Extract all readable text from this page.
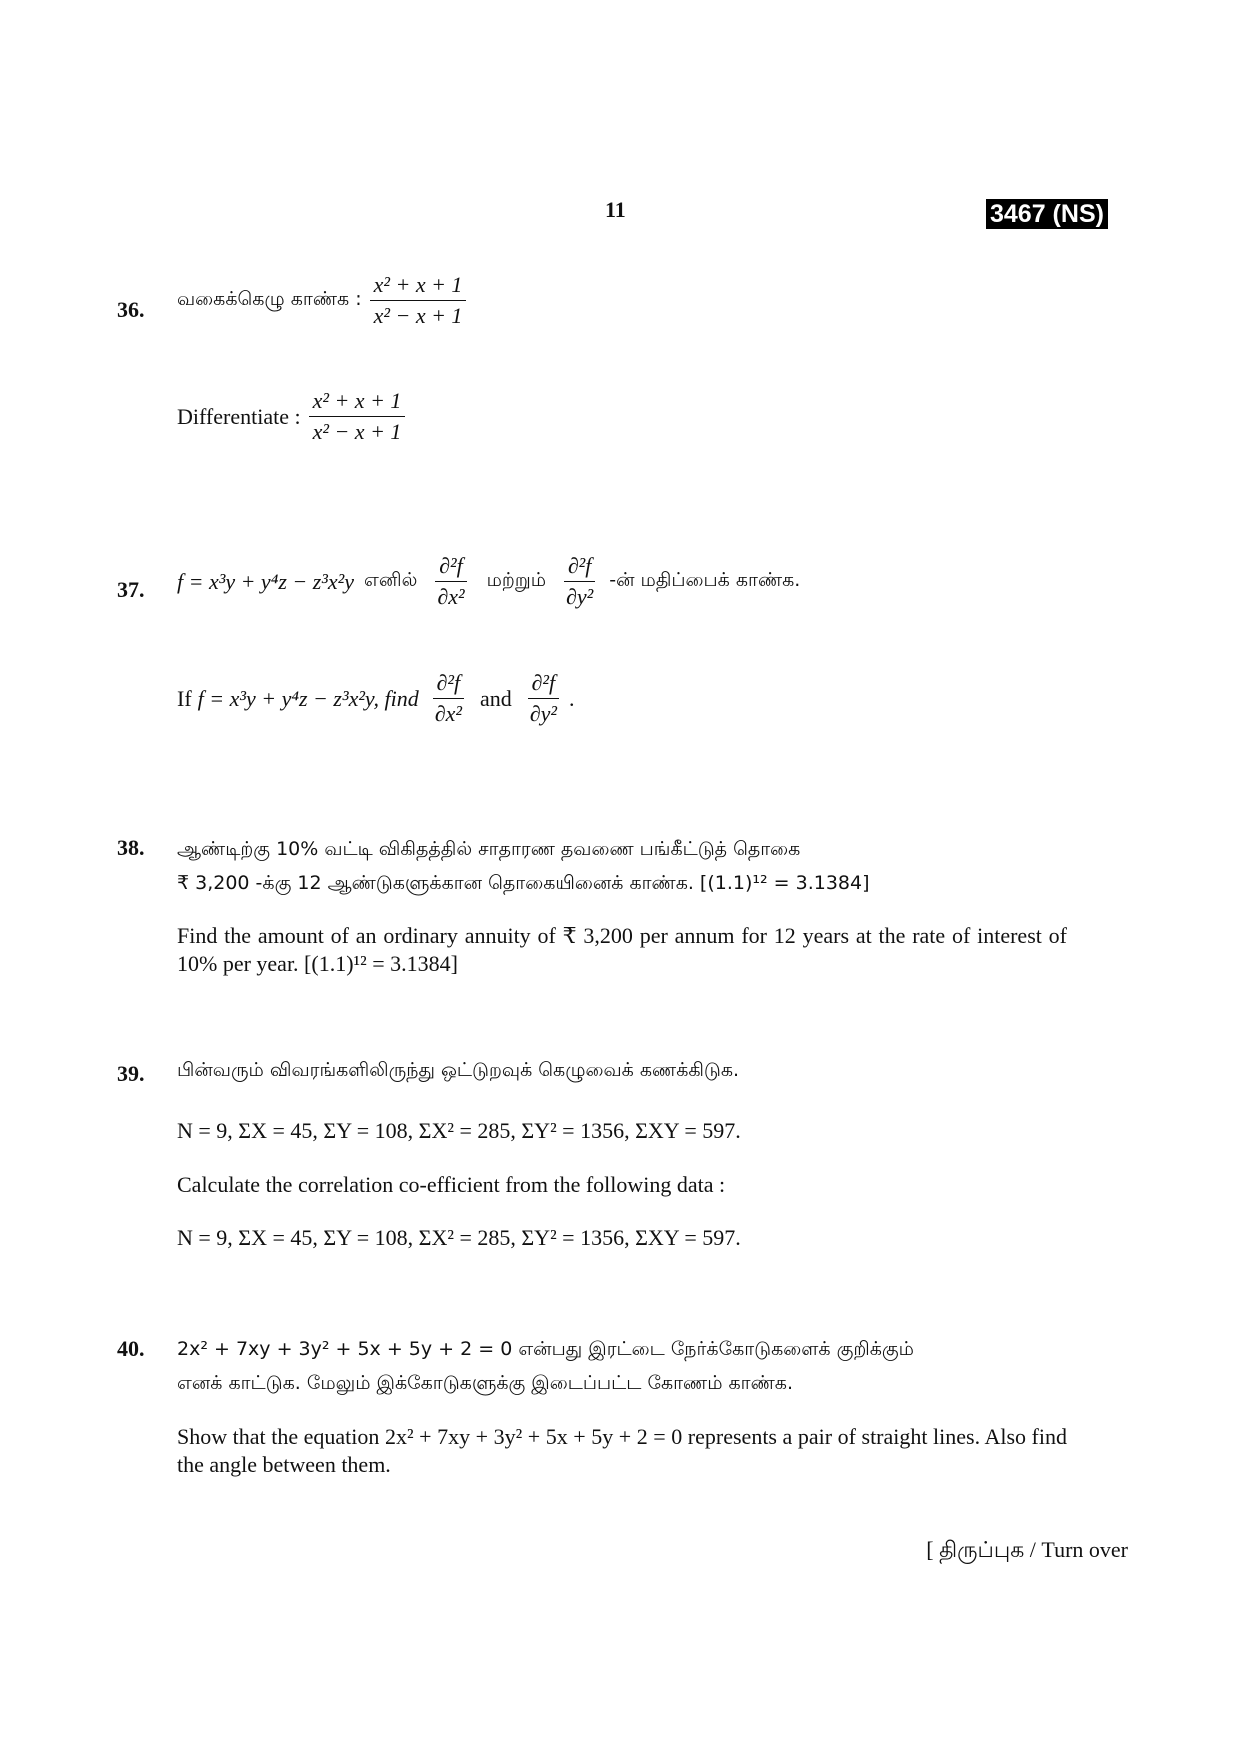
11	3467 (NS)
36. வகைக்கெழு காண்க : $\frac{\text{x² + x + 1}}{\text{x² − x + 1}}$
Differentiate : $\frac{\text{x² + x + 1}}{\text{x² − x + 1}}$
37. f = x³y + y⁴z − z³x²y எனில் $\frac{\text{∂²f}}{\text{∂x²}}$ மற்றும் $\frac{\text{∂²f}}{\text{∂y²}}$ -ன் மதிப்பைக் காண்க.
If f = x³y + y⁴z − z³x²y, find $\frac{\text{∂²f}}{\text{∂x²}}$ and $\frac{\text{∂²f}}{\text{∂y²}}$ .
38. ஆண்டிற்கு 10% வட்டி விகிதத்தில் சாதாரண தவணை பங்கீட்டுத் தொகை
₹ 3,200 -க்கு 12 ஆண்டுகளுக்கான தொகையினைக் காண்க. [(1.1)¹² = 3.1384]
Find the amount of an ordinary annuity of ₹ 3,200 per annum for 12 years at the rate of interest of 10% per year. [(1.1)¹² = 3.1384]
39. பின்வரும் விவரங்களிலிருந்து ஒட்டுறவுக் கெழுவைக் கணக்கிடுக.
N = 9, ΣX = 45, ΣY = 108, ΣX² = 285, ΣY² = 1356, ΣXY = 597.
Calculate the correlation co-efficient from the following data :
N = 9, ΣX = 45, ΣY = 108, ΣX² = 285, ΣY² = 1356, ΣXY = 597.
40. 2x² + 7xy + 3y² + 5x + 5y + 2 = 0 என்பது இரட்டை நேர்க்கோடுகளைக் குறிக்கும்
எனக் காட்டுக. மேலும் இக்கோடுகளுக்கு இடைப்பட்ட கோணம் காண்க.
Show that the equation 2x² + 7xy + 3y² + 5x + 5y + 2 = 0 represents a pair of straight lines. Also find the angle between them.
[ திருப்புக / Turn over
